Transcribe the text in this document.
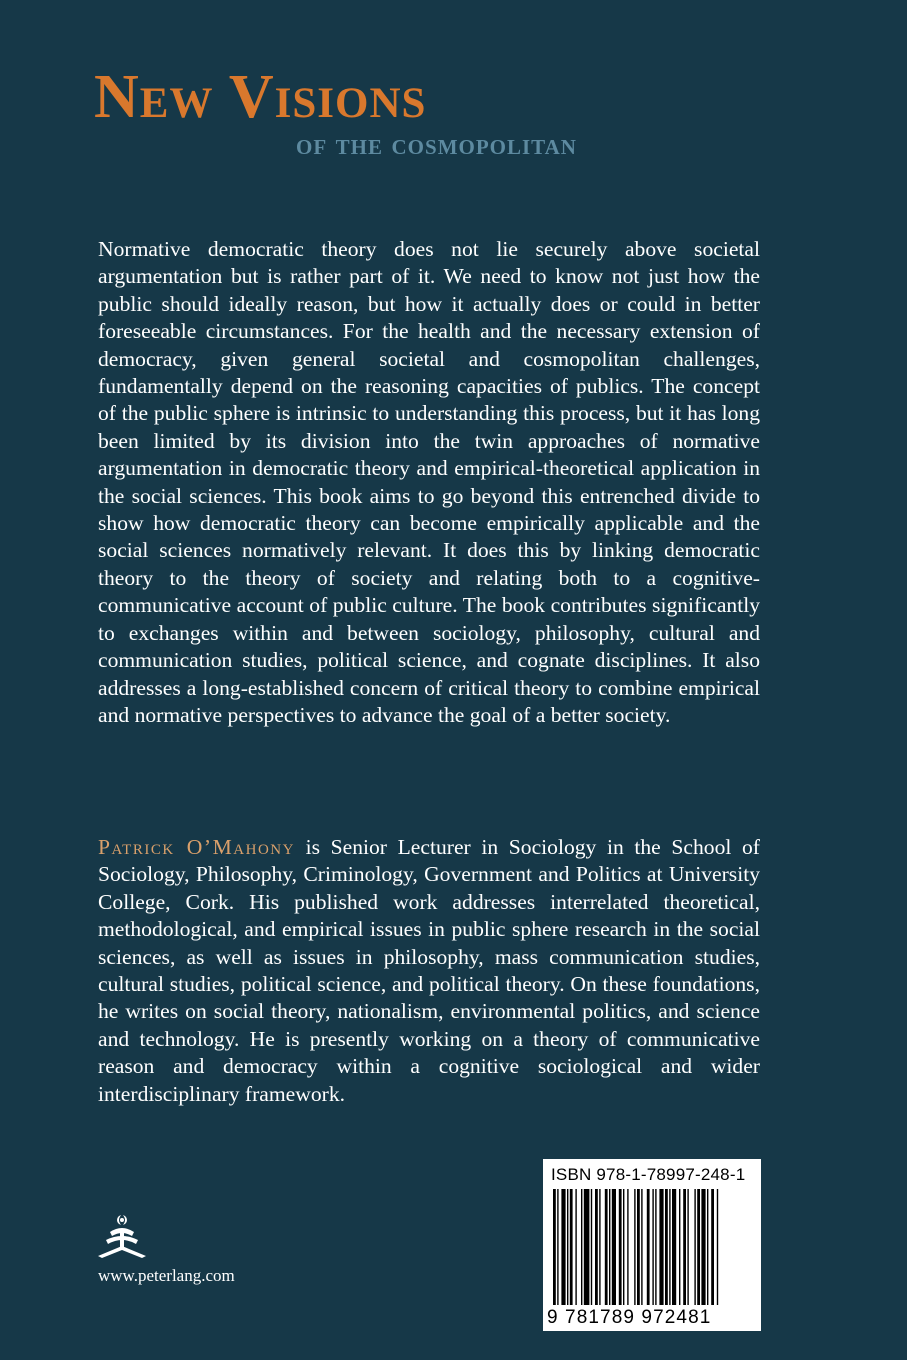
New Visions
of the cosmopolitan

Normative democratic theory does not lie securely above societal argumentation but is rather part of it. We need to know not just how the public should ideally reason, but how it actually does or could in better foreseeable circumstances. For the health and the necessary extension of democracy, given general societal and cosmopolitan challenges, fundamentally depend on the reasoning capacities of publics. The concept of the public sphere is intrinsic to understanding this process, but it has long been limited by its division into the twin approaches of normative argumentation in democratic theory and empirical-theoretical application in the social sciences. This book aims to go beyond this entrenched divide to show how democratic theory can become empirically applicable and the social sciences normatively relevant. It does this by linking democratic theory to the theory of society and relating both to a cognitive-communicative account of public culture. The book contributes significantly to exchanges within and between sociology, philosophy, cultural and communication studies, political science, and cognate disciplines. It also addresses a long-established concern of critical theory to combine empirical and normative perspectives to advance the goal of a better society.

Patrick O’Mahony is Senior Lecturer in Sociology in the School of Sociology, Philosophy, Criminology, Government and Politics at University College, Cork. His published work addresses interrelated theoretical, methodological, and empirical issues in public sphere research in the social sciences, as well as issues in philosophy, mass communication studies, cultural studies, political science, and political theory. On these foundations, he writes on social theory, nationalism, environmental politics, and science and technology. He is presently working on a theory of communicative reason and democracy within a cognitive sociological and wider interdisciplinary framework.

ISBN 978-1-78997-248-1
9 781789 972481
www.peterlang.com
